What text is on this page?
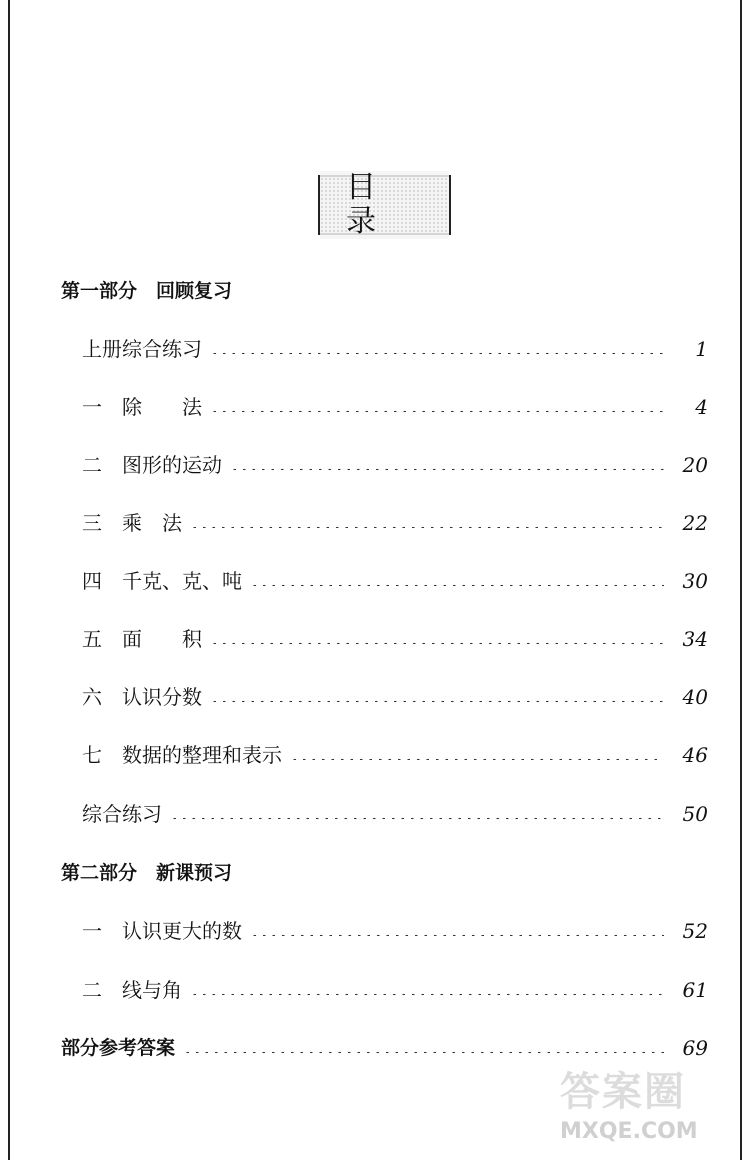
目录
第一部分　回顾复习
上册综合练习	1
一　除　　法	4
二　图形的运动	20
三　乘　法	22
四　千克、克、吨	30
五　面　　积	34
六　认识分数	40
七　数据的整理和表示	46
综合练习	50
第二部分　新课预习
一　认识更大的数	52
二　线与角	61
部分参考答案	69
答案圈
MXQE.COM
